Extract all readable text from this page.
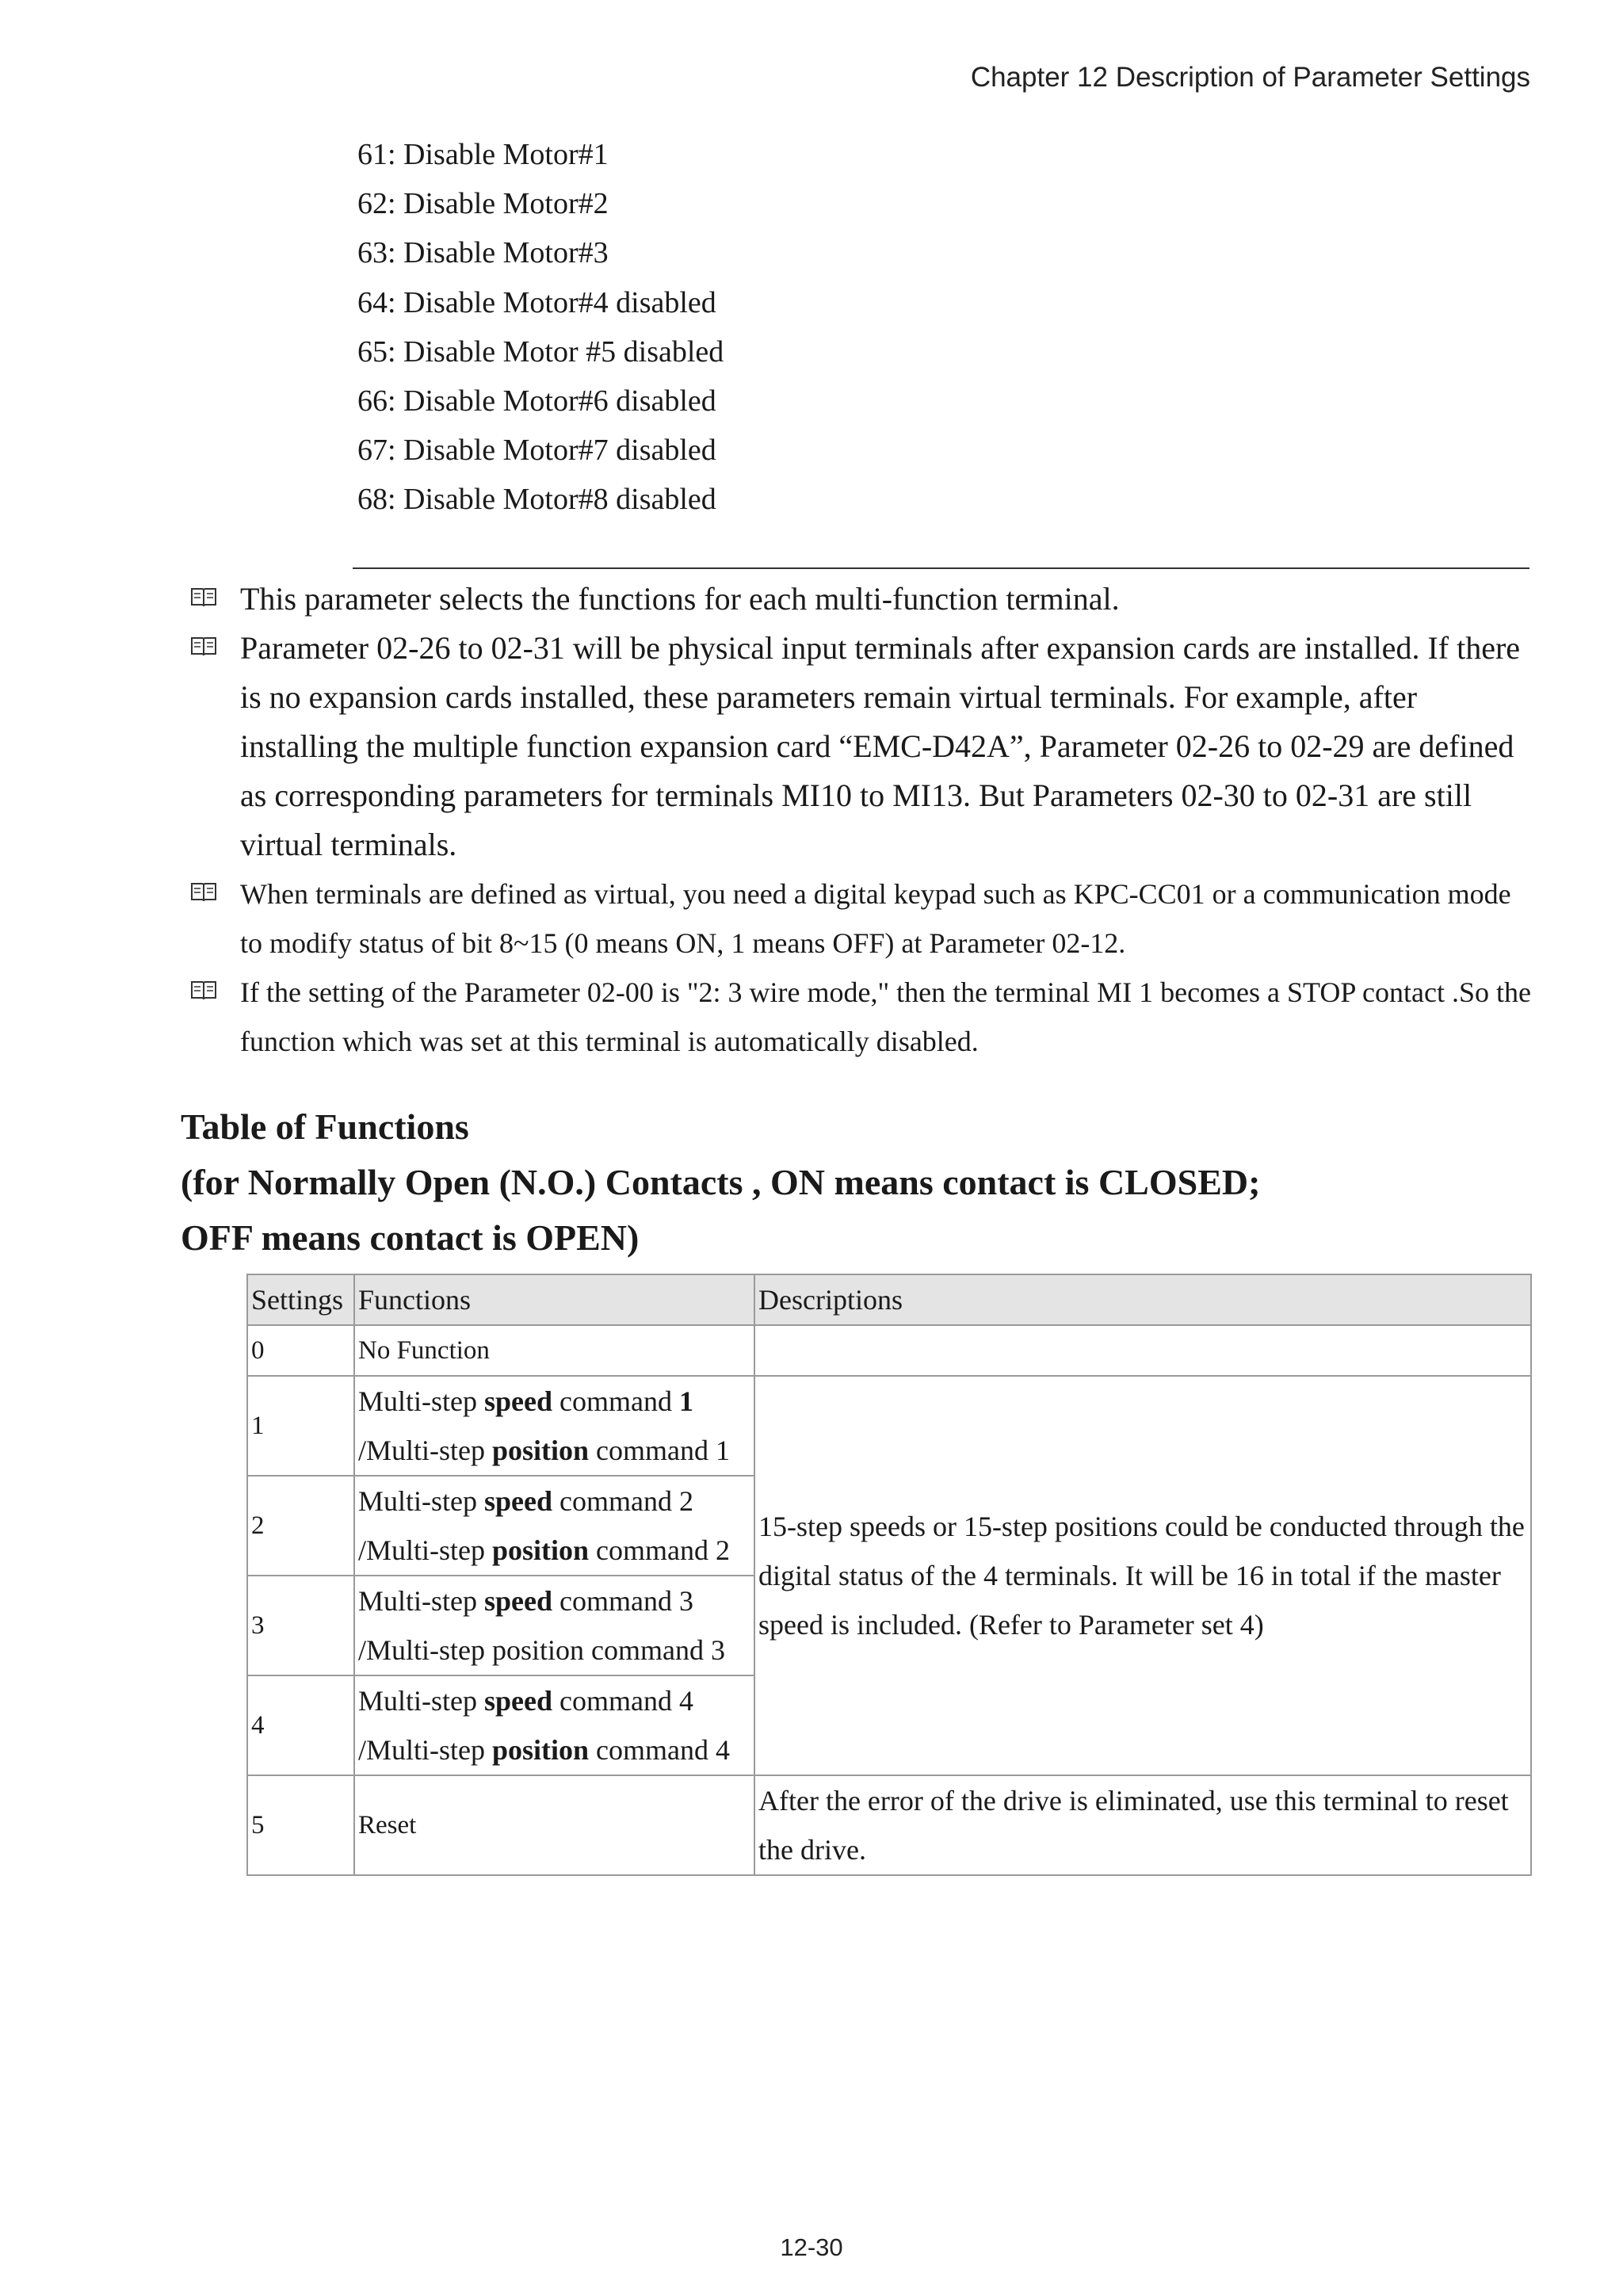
Chapter 12 Description of Parameter Settings
61: Disable Motor#1
62: Disable Motor#2
63: Disable Motor#3
64: Disable Motor#4 disabled
65: Disable Motor #5 disabled
66: Disable Motor#6 disabled
67: Disable Motor#7 disabled
68: Disable Motor#8 disabled

This parameter selects the functions for each multi-function terminal.

Parameter 02-26 to 02-31 will be physical input terminals after expansion cards are installed. If there is no expansion cards installed, these parameters remain virtual terminals. For example, after installing the multiple function expansion card “EMC-D42A”, Parameter 02-26 to 02-29 are defined as corresponding parameters for terminals MI10 to MI13. But Parameters 02-30 to 02-31 are still virtual terminals.

When terminals are defined as virtual, you need a digital keypad such as KPC-CC01 or a communication mode to modify status of bit 8~15 (0 means ON, 1 means OFF) at Parameter 02-12.

If the setting of the Parameter 02-00 is "2: 3 wire mode," then the terminal MI 1 becomes a STOP contact .So the function which was set at this terminal is automatically disabled.

Table of Functions
(for Normally Open (N.O.) Contacts , ON means contact is CLOSED;
OFF means contact is OPEN)
Settings	Functions	Descriptions
0	No Function	

1	Multi-step speed command 1
/Multi-step position command 1	15-step speeds or 15-step positions could be conducted through the digital status of the 4 terminals. It will be 16 in total if the master speed is included. (Refer to Parameter set 4)
2	Multi-step speed command 2
/Multi-step position command 2	

3	Multi-step speed command 3
/Multi-step position command 3	

4	Multi-step speed command 4
/Multi-step position command 4	

5	Reset	After the error of the drive is eliminated, use this terminal to reset the drive.
12-30
